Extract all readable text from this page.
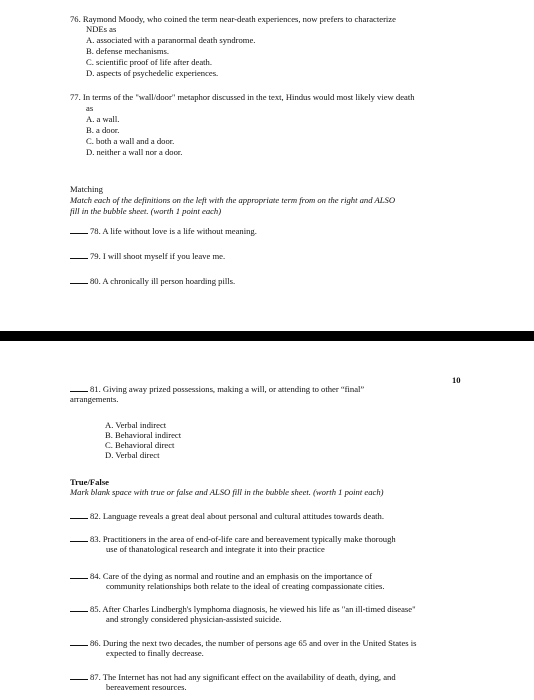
76. Raymond Moody, who coined the term near-death experiences, now prefers to characterize
NDEs as
A. associated with a paranormal death syndrome.
B. defense mechanisms.
C. scientific proof of life after death.
D. aspects of psychedelic experiences.
77. In terms of the "wall/door" metaphor discussed in the text, Hindus would most likely view death
as
A. a wall.
B. a door.
C. both a wall and a door.
D. neither a wall nor a door.
Matching
Match each of the definitions on the left with the appropriate term from on the right and ALSO
fill in the bubble sheet. (worth 1 point each)
78. A life without love is a life without meaning.
79. I will shoot myself if you leave me.
80. A chronically ill person hoarding pills.
10
81. Giving away prized possessions, making a will, or attending to other “final”
arrangements.
A. Verbal indirect
B. Behavioral indirect
C. Behavioral direct
D. Verbal direct
True/False
Mark blank space with true or false and ALSO fill in the bubble sheet. (worth 1 point each)
82. Language reveals a great deal about personal and cultural attitudes towards death.
83. Practitioners in the area of end-of-life care and bereavement typically make thorough
use of thanatological research and integrate it into their practice
84. Care of the dying as normal and routine and an emphasis on the importance of
community relationships both relate to the ideal of creating compassionate cities.
85. After Charles Lindbergh's lymphoma diagnosis, he viewed his life as "an ill-timed disease"
and strongly considered physician-assisted suicide.
86. During the next two decades, the number of persons age 65 and over in the United States is
expected to finally decrease.
87. The Internet has not had any significant effect on the availability of death, dying, and
bereavement resources.
